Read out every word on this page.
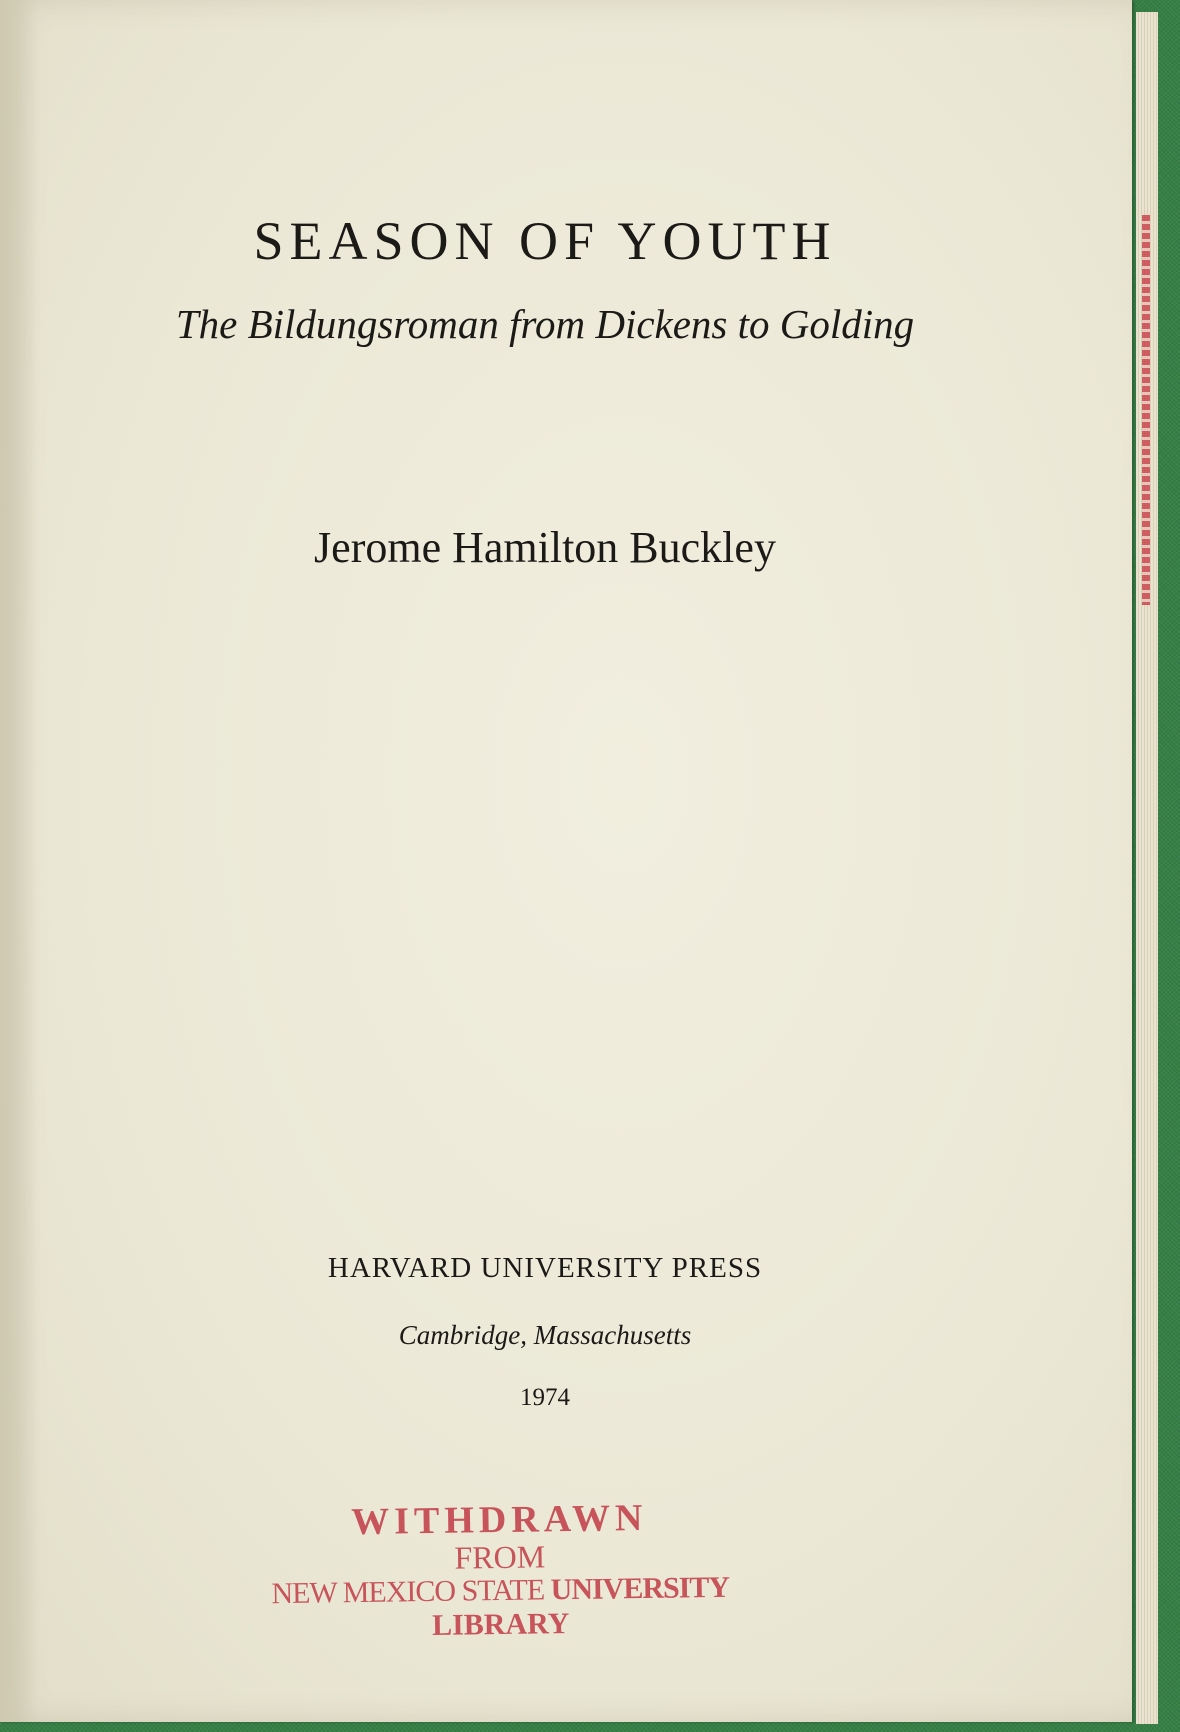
SEASON OF YOUTH

The Bildungsroman from Dickens to Golding

Jerome Hamilton Buckley

HARVARD UNIVERSITY PRESS

Cambridge, Massachusetts

1974

WITHDRAWN
FROM
NEW MEXICO STATE UNIVERSITY
LIBRARY
